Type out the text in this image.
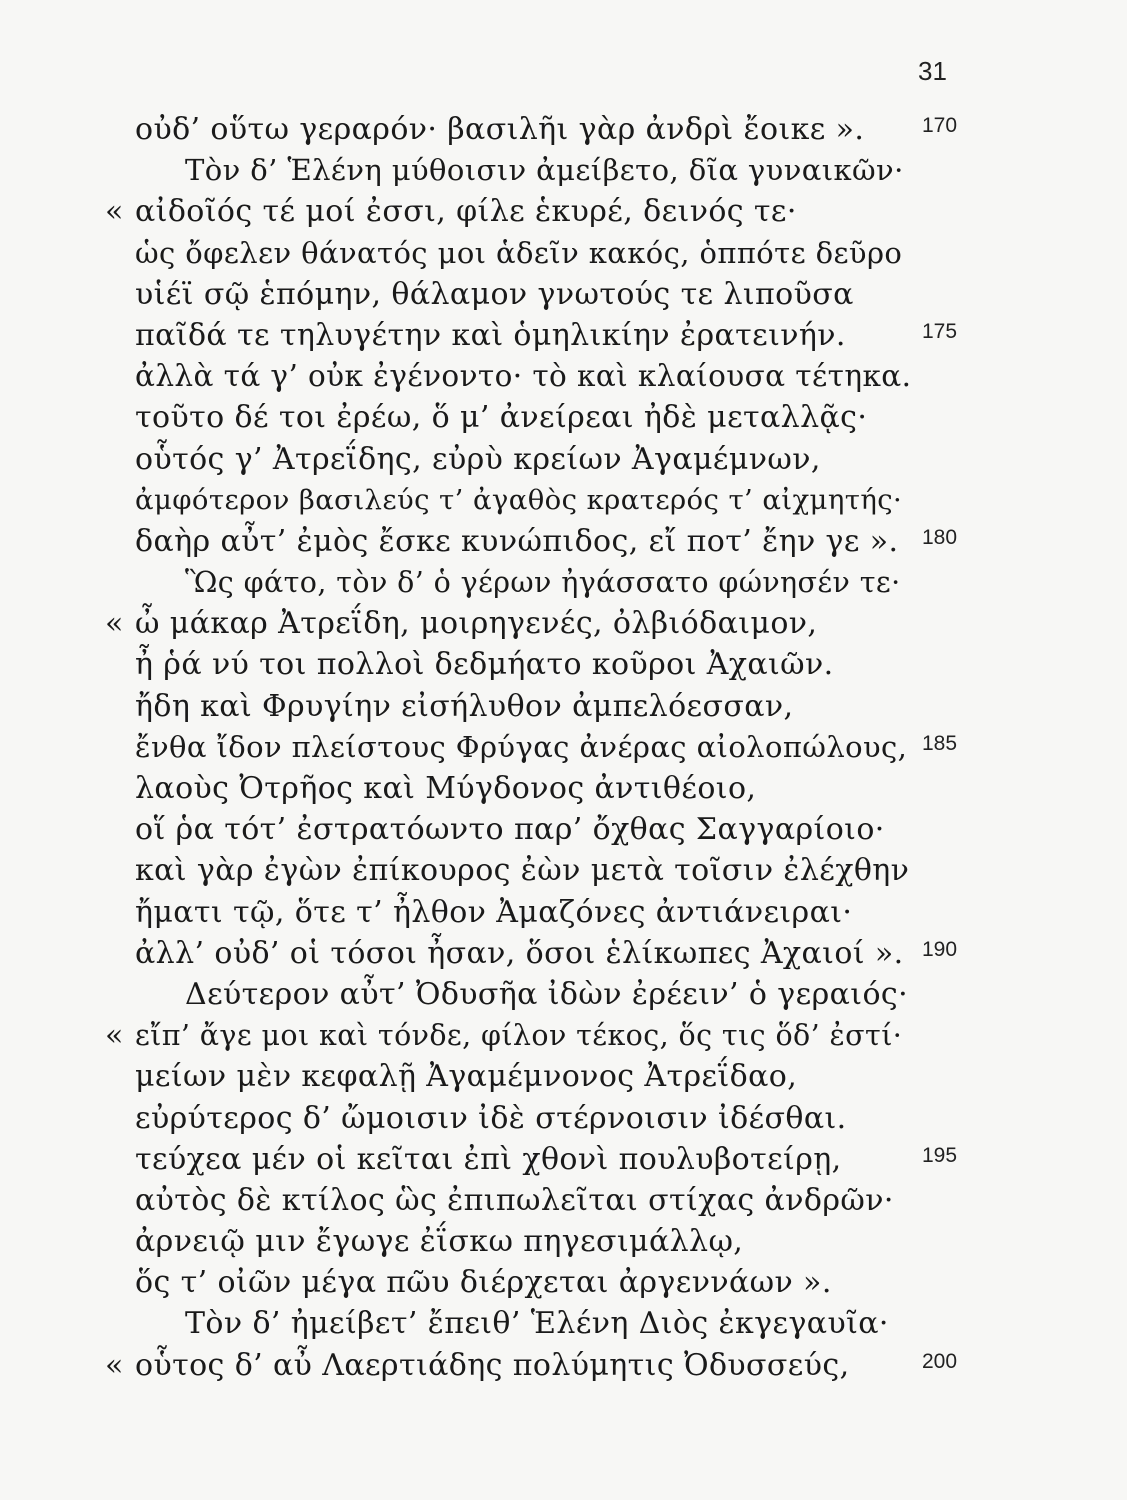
31
οὐδ’ οὕτω γεραρόν· βασιλῆι γὰρ ἀνδρὶ ἔοικε ».	170
Τὸν δ’ Ἑλένη μύθοισιν ἀμείβετο, δῖα γυναικῶν·
« αἰδοῖός τέ μοί ἐσσι, φίλε ἑκυρέ, δεινός τε·
ὡς ὄφελεν θάνατός μοι ἁδεῖν κακός, ὁππότε δεῦρο
υἱέϊ σῷ ἑπόμην, θάλαμον γνωτούς τε λιποῦσα
παῖδά τε τηλυγέτην καὶ ὁμηλικίην ἐρατεινήν.	175
ἀλλὰ τά γ’ οὐκ ἐγένοντο· τὸ καὶ κλαίουσα τέτηκα.
τοῦτο δέ τοι ἐρέω, ὅ μ’ ἀνείρεαι ἠδὲ μεταλλᾷς·
οὗτός γ’ Ἀτρεΐδης, εὐρὺ κρείων Ἀγαμέμνων,
ἀμφότερον βασιλεύς τ’ ἀγαθὸς κρατερός τ’ αἰχμητής·
δαὴρ αὖτ’ ἐμὸς ἔσκε κυνώπιδος, εἴ ποτ’ ἔην γε ». 180
Ὣς φάτο, τὸν δ’ ὁ γέρων ἠγάσσατο φώνησέν τε·
« ὦ μάκαρ Ἀτρεΐδη, μοιρηγενές, ὀλβιόδαιμον,
ἦ ῥά νύ τοι πολλοὶ δεδμήατο κοῦροι Ἀχαιῶν.
ἤδη καὶ Φρυγίην εἰσήλυθον ἀμπελόεσσαν,
ἔνθα ἴδον πλείστους Φρύγας ἀνέρας αἰολοπώλους, 185
λαοὺς Ὀτρῆος καὶ Μύγδονος ἀντιθέοιο,
οἵ ῥα τότ’ ἐστρατόωντο παρ’ ὄχθας Σαγγαρίοιο·
καὶ γὰρ ἐγὼν ἐπίκουρος ἐὼν μετὰ τοῖσιν ἐλέχθην
ἤματι τῷ, ὅτε τ’ ἦλθον Ἀμαζόνες ἀντιάνειραι·
ἀλλ’ οὐδ’ οἱ τόσοι ἦσαν, ὅσοι ἑλίκωπες Ἀχαιοί ». 190
Δεύτερον αὖτ’ Ὀδυσῆα ἰδὼν ἐρέειν’ ὁ γεραιός·
« εἴπ’ ἄγε μοι καὶ τόνδε, φίλον τέκος, ὅς τις ὅδ’ ἐστί·
μείων μὲν κεφαλῇ Ἀγαμέμνονος Ἀτρεΐδαο,
εὐρύτερος δ’ ὤμοισιν ἰδὲ στέρνοισιν ἰδέσθαι.
τεύχεα μέν οἱ κεῖται ἐπὶ χθονὶ πουλυβοτείρῃ,	195
αὐτὸς δὲ κτίλος ὣς ἐπιπωλεῖται στίχας ἀνδρῶν·
ἀρνειῷ μιν ἔγωγε ἐΐσκω πηγεσιμάλλῳ,
ὅς τ’ οἰῶν μέγα πῶυ διέρχεται ἀργεννάων ».
Τὸν δ’ ἠμείβετ’ ἔπειθ’ Ἑλένη Διὸς ἐκγεγαυῖα·
« οὗτος δ’ αὖ Λαερτιάδης πολύμητις Ὀδυσσεύς,	200
